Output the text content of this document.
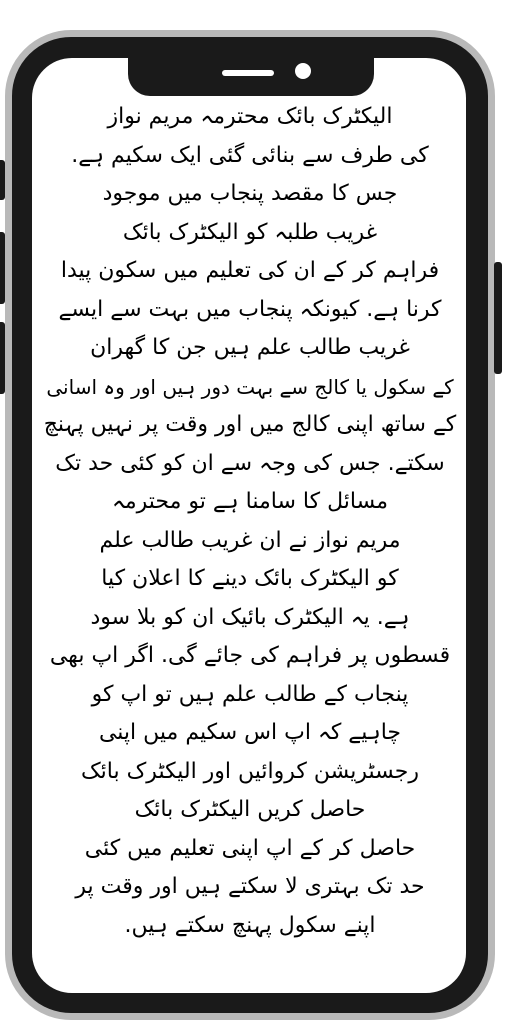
الیکٹرک بائک محترمہ مریم نواز
کی طرف سے بنائی گئی ایک سکیم ہے.
جس کا مقصد پنجاب میں موجود
غریب طلبہ کو الیکٹرک بائک
فراہم کر کے ان کی تعلیم میں سکون پیدا
کرنا ہے. کیونکہ پنجاب میں بہت سے ایسے
غریب طالب علم ہیں جن کا گھران
کے سکول یا کالج سے بہت دور ہیں اور وہ اسانی
کے ساتھ اپنی کالج میں اور وقت پر نہیں پہنچ
سکتے. جس کی وجہ سے ان کو کئی حد تک
مسائل کا سامنا ہے تو محترمہ
مریم نواز نے ان غریب طالب علم
کو الیکٹرک بائک دینے کا اعلان کیا
ہے. یہ الیکٹرک بائیک ان کو بلا سود
قسطوں پر فراہم کی جائے گی. اگر اپ بھی
پنجاب کے طالب علم ہیں تو اپ کو
چاہیے کہ اپ اس سکیم میں اپنی
رجسٹریشن کروائیں اور الیکٹرک بائک
حاصل کریں الیکٹرک بائک
حاصل کر کے اپ اپنی تعلیم میں کئی
حد تک بہتری لا سکتے ہیں اور وقت پر
اپنے سکول پہنچ سکتے ہیں.
